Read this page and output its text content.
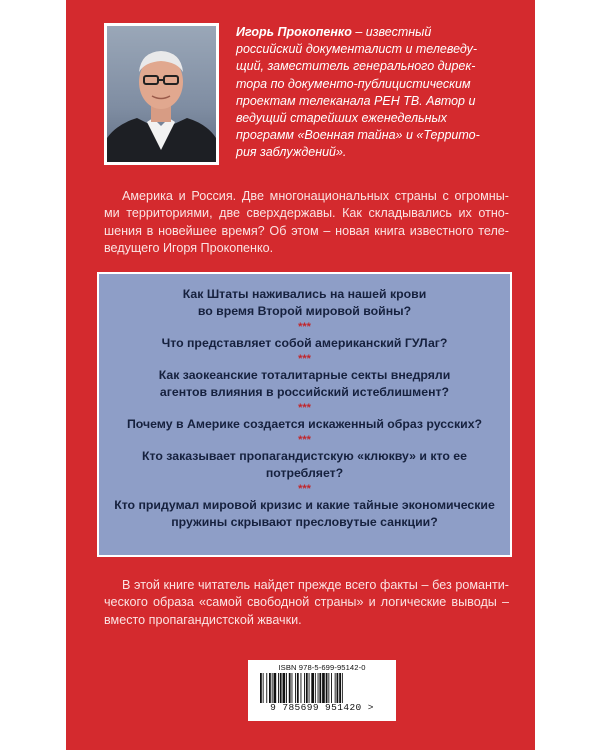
Игорь Прокопенко – известный
российский документалист и телеведу-
щий, заместитель генерального дирек-
тора по документо-публицистическим
проектам телеканала РЕН ТВ. Автор и
ведущий старейших еженедельных
программ «Военная тайна» и «Террито-
рия заблуждений».
Америка и Россия. Две многонациональных страны с огромны- ми территориями, две сверхдержавы. Как складывались их отно- шения в новейшее время? Об этом – новая книга известного теле- ведущего Игоря Прокопенко.
Как Штаты наживались на нашей крови
во время Второй мировой войны?
***
Что представляет собой американский ГУЛаг?
***
Как заокеанские тоталитарные секты внедряли
агентов влияния в российский истеблишмент?
***
Почему в Америке создается искаженный образ русских?
***
Кто заказывает пропагандистскую «клюкву» и кто ее потребляет?
***
Кто придумал мировой кризис и какие тайные экономические
пружины скрывают пресловутые санкции?
В этой книге читатель найдет прежде всего факты – без романти- ческого образа «самой свободной страны» и логические выводы – вместо пропагандистской жвачки.
ISBN 978-5-699-95142-0
9 785699 951420 >
